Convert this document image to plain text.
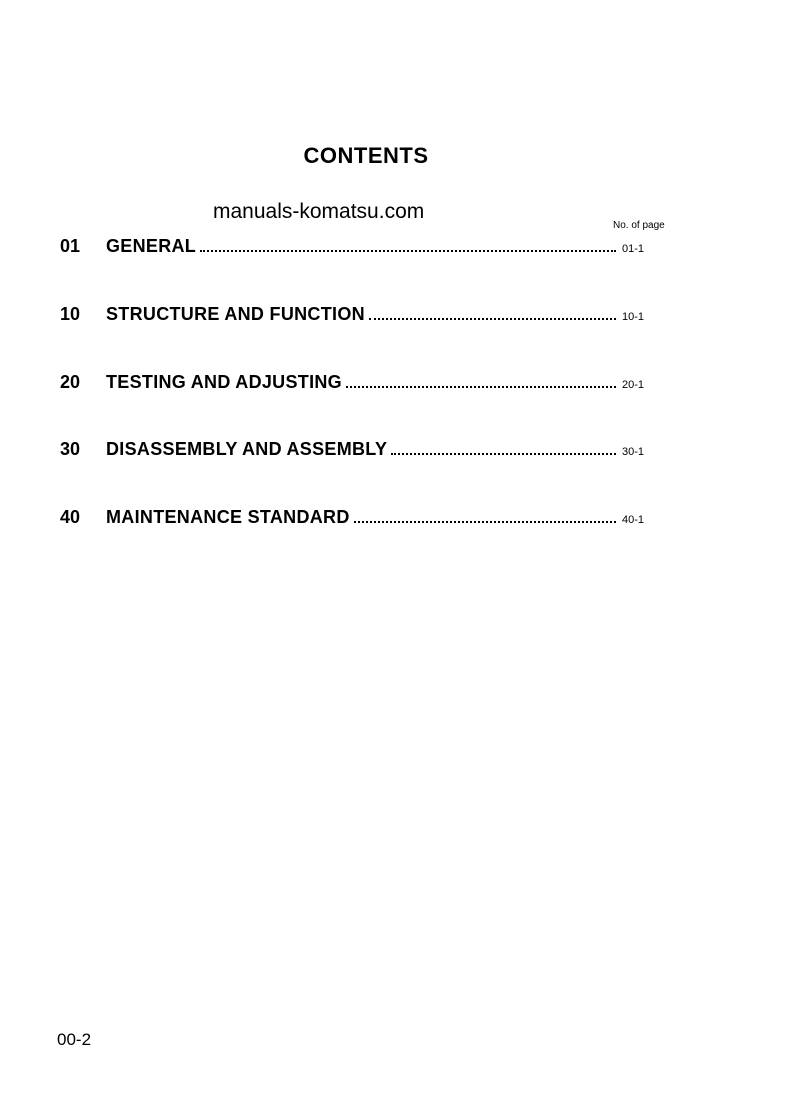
CONTENTS
manuals-komatsu.com
No. of page
01	GENERAL	01-1
10	STRUCTURE AND FUNCTION	10-1
20	TESTING AND ADJUSTING	20-1
30	DISASSEMBLY AND ASSEMBLY	30-1
40	MAINTENANCE STANDARD	40-1
00-2
